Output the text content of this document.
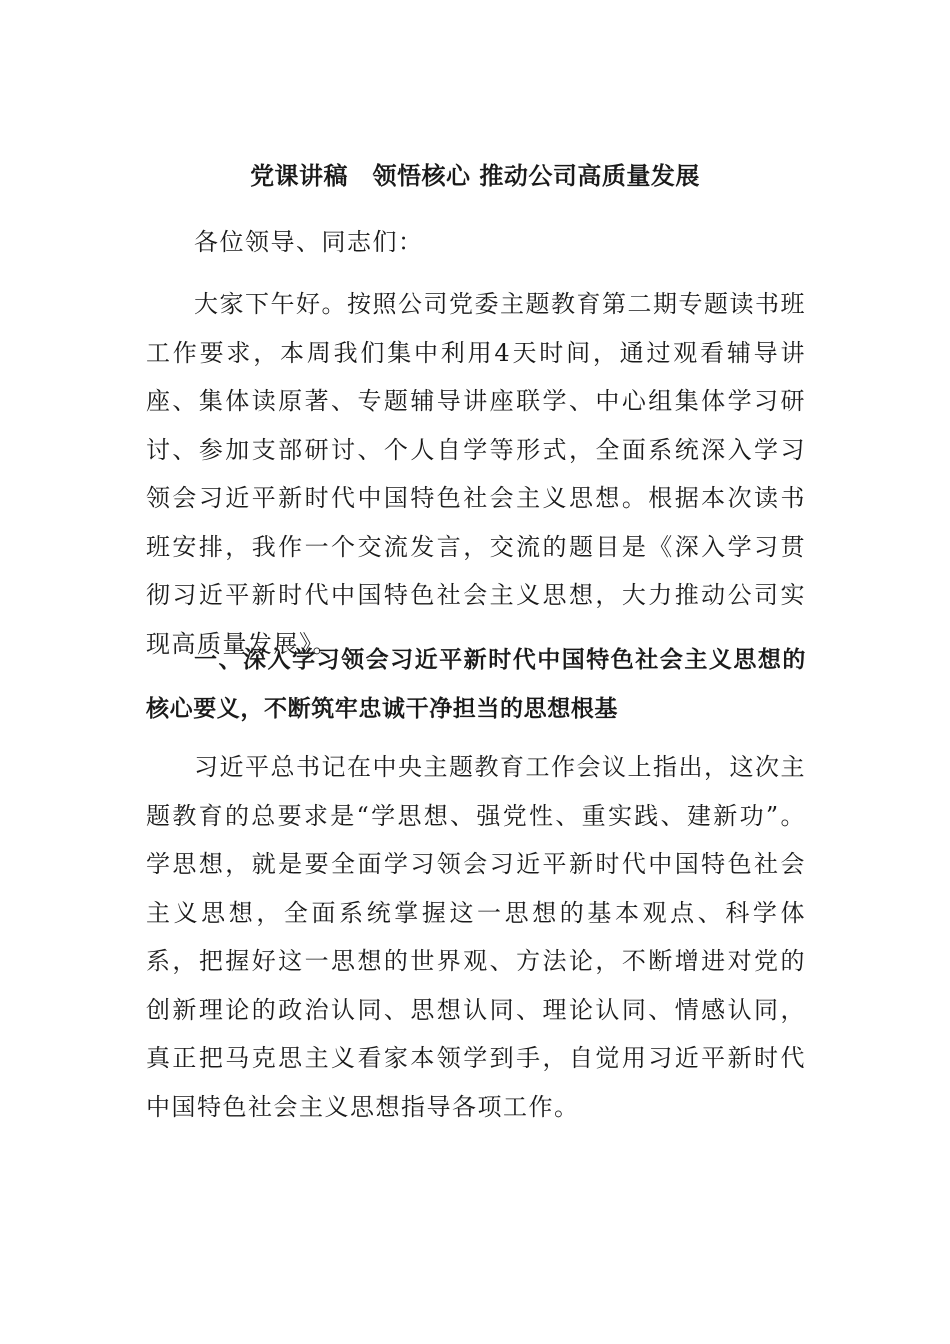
党课讲稿　领悟核心 推动公司高质量发展

各位领导、同志们：

大家下午好。按照公司党委主题教育第二期专题读书班工作要求，本周我们集中利用4天时间，通过观看辅导讲座、集体读原著、专题辅导讲座联学、中心组集体学习研讨、参加支部研讨、个人自学等形式，全面系统深入学习领会习近平新时代中国特色社会主义思想。根据本次读书班安排，我作一个交流发言，交流的题目是《深入学习贯彻习近平新时代中国特色社会主义思想，大力推动公司实现高质量发展》。

一、深入学习领会习近平新时代中国特色社会主义思想的核心要义，不断筑牢忠诚干净担当的思想根基

习近平总书记在中央主题教育工作会议上指出，这次主题教育的总要求是“学思想、强党性、重实践、建新功”。学思想，就是要全面学习领会习近平新时代中国特色社会主义思想，全面系统掌握这一思想的基本观点、科学体系，把握好这一思想的世界观、方法论，不断增进对党的创新理论的政治认同、思想认同、理论认同、情感认同，真正把马克思主义看家本领学到手，自觉用习近平新时代中国特色社会主义思想指导各项工作。
